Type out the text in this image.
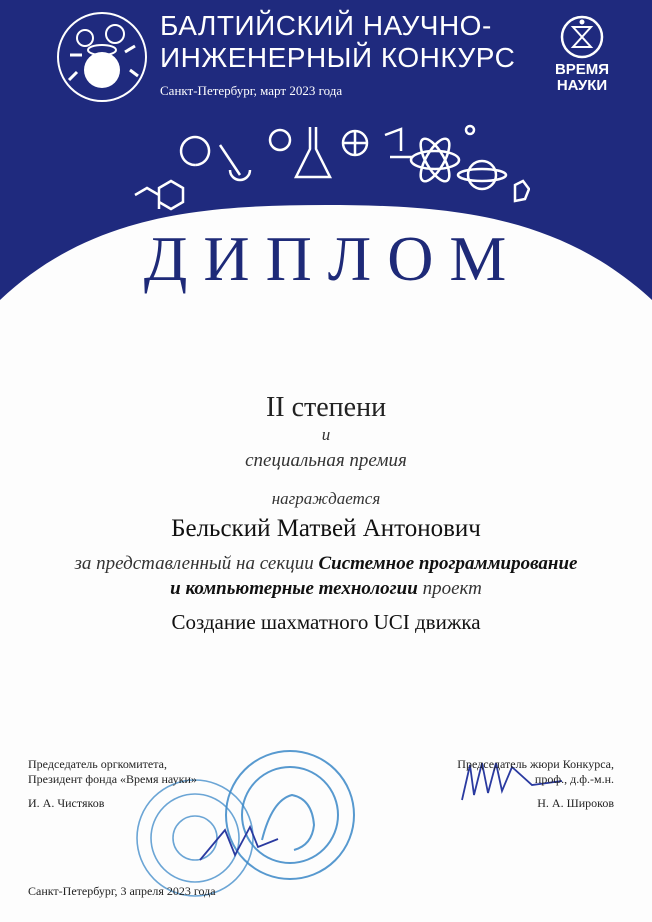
БАЛТИЙСКИЙ НАУЧНО-
ИНЖЕНЕРНЫЙ КОНКУРС
Санкт-Петербург, март 2023 года
ВРЕМЯ
НАУКИ
ДИПЛОМ
II степени
и
специальная премия
награждается
Бельский Матвей Антонович
за представленный на секции Системное программирование
и компьютерные технологии проект
Создание шахматного UCI движка
Председатель оргкомитета,
Президент фонда «Время науки»
И. А. Чистяков
Председатель жюри Конкурса,
проф., д.ф.-м.н.
Н. А. Широков
Санкт-Петербург, 3 апреля 2023 года
